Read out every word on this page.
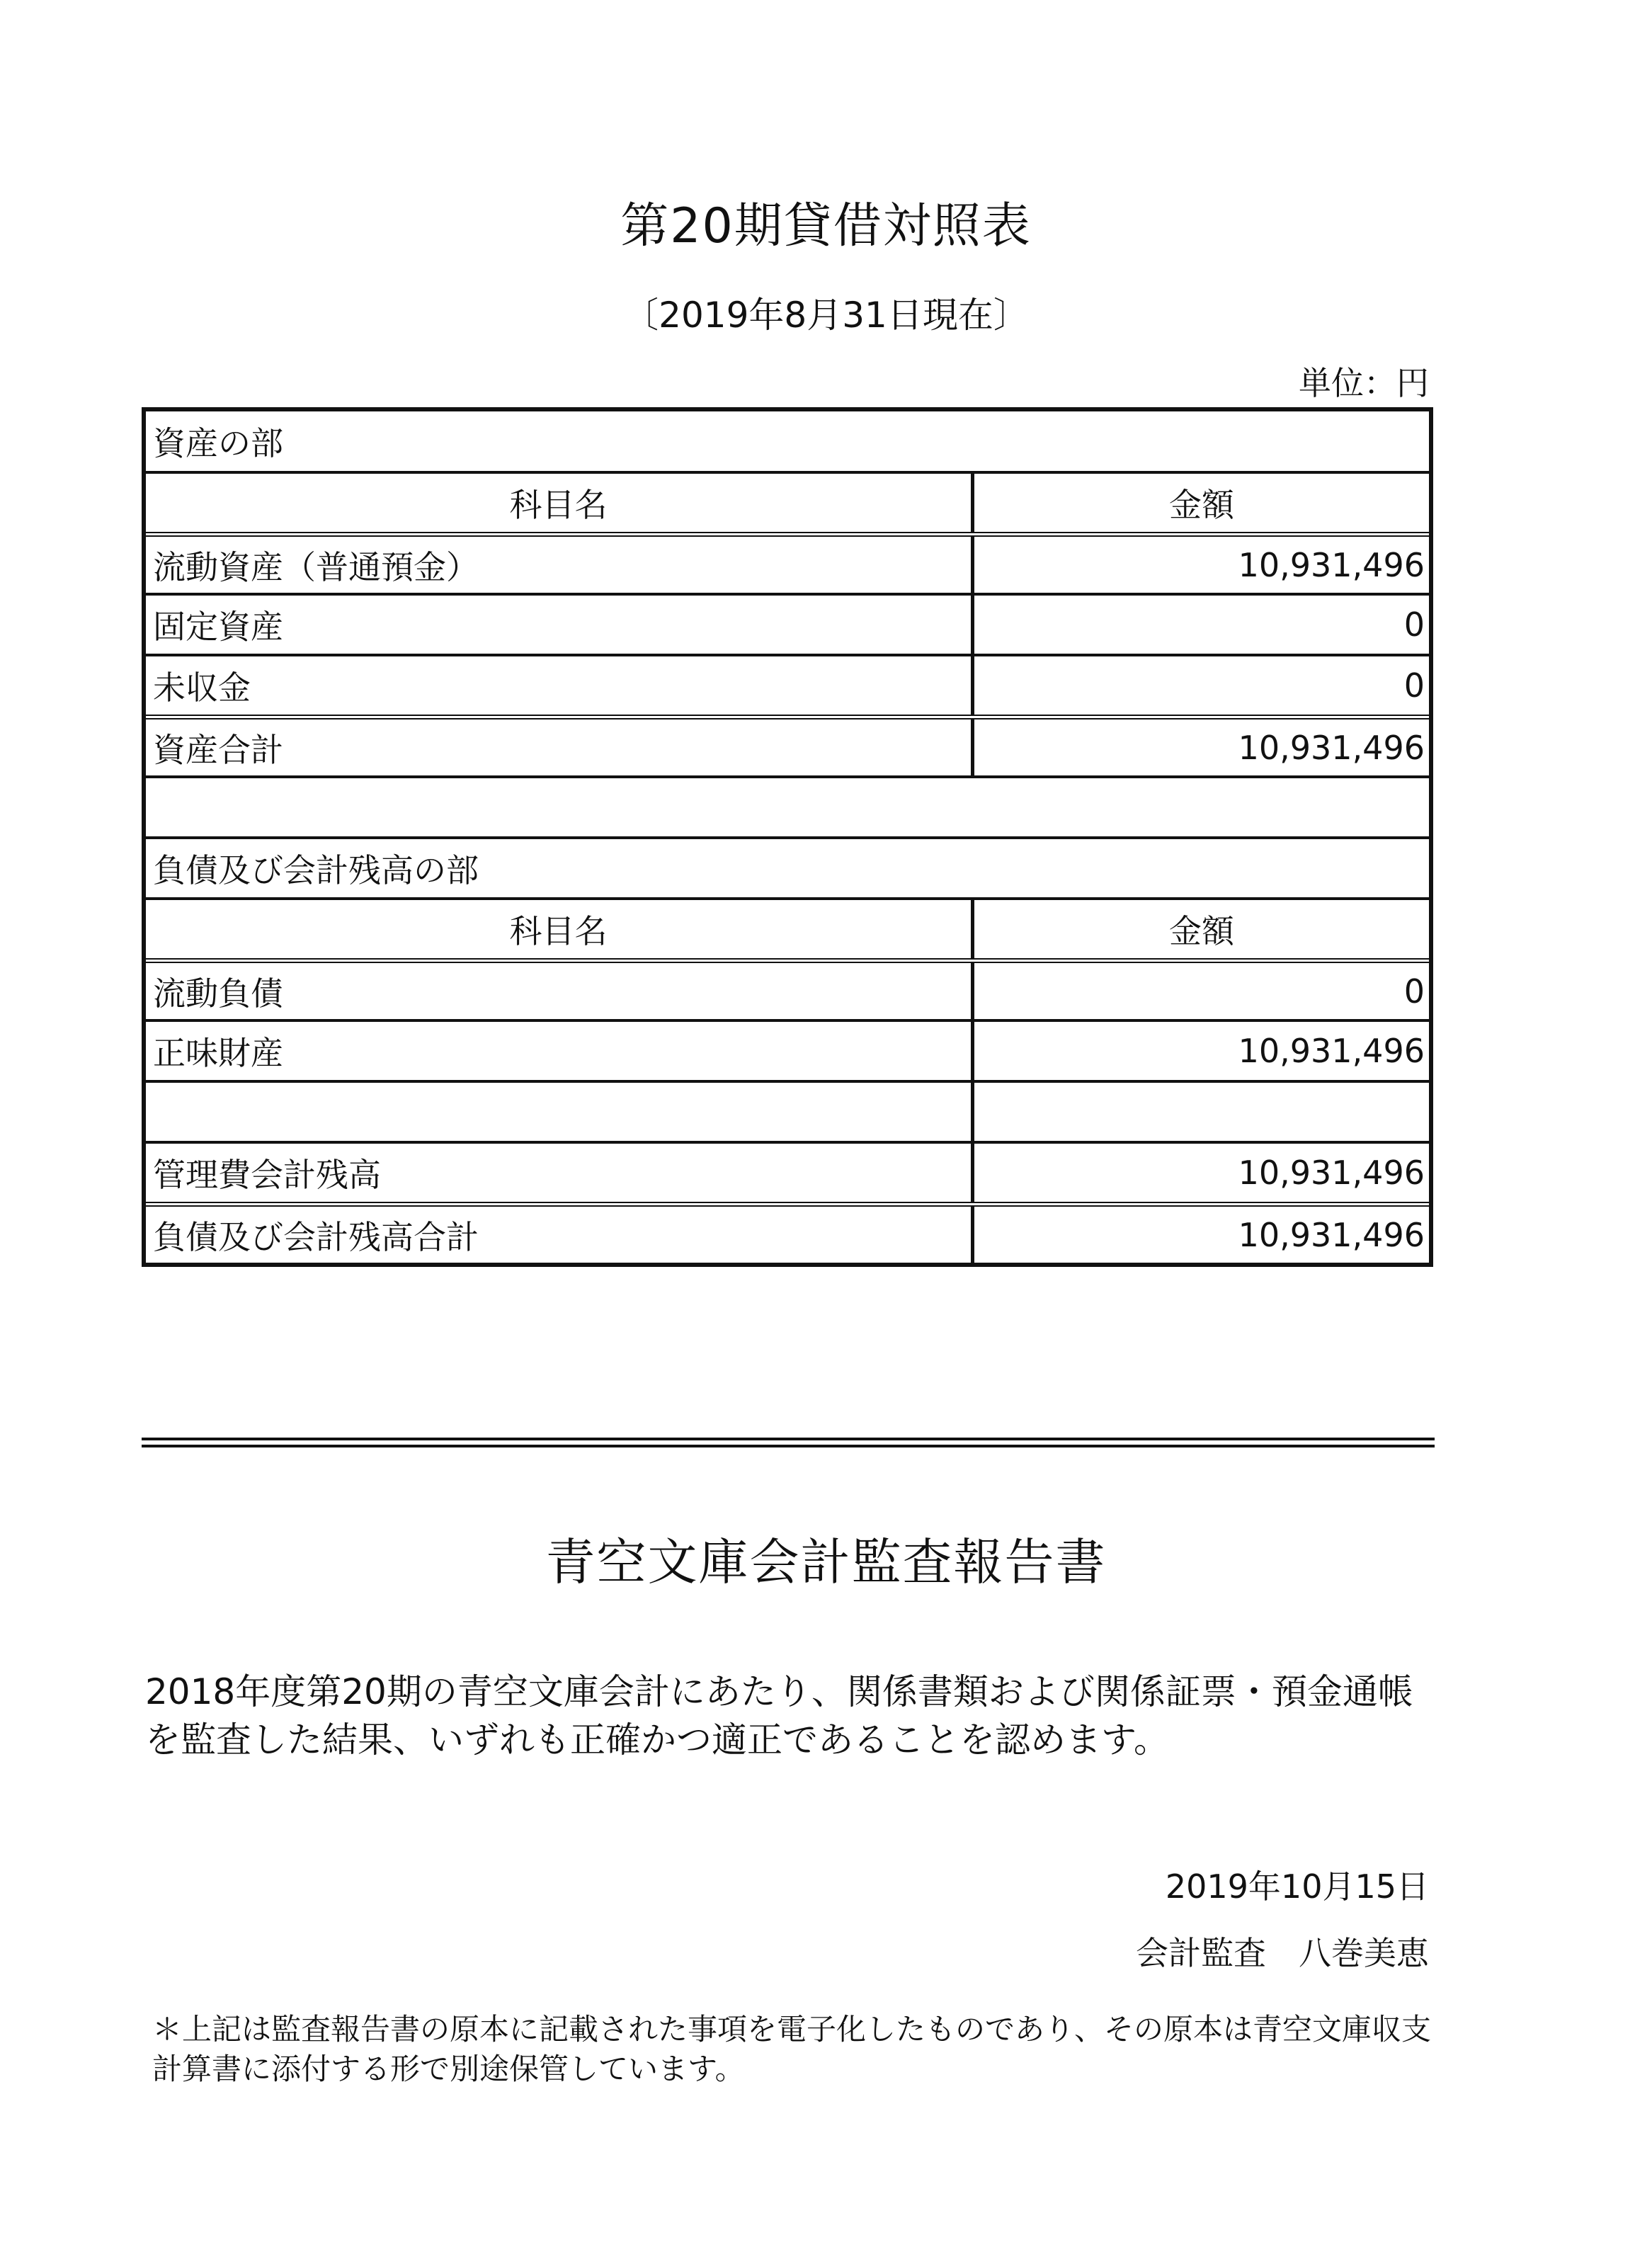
第20期貸借対照表
〔2019年8月31日現在〕
単位：円
資産の部
科目名	金額
流動資産（普通預金）	10,931,496
固定資産	0
未収金	0
資産合計	10,931,496
負債及び会計残高の部
科目名	金額
流動負債	0
正味財産	10,931,496
管理費会計残高	10,931,496
負債及び会計残高合計	10,931,496
青空文庫会計監査報告書
2018年度第20期の青空文庫会計にあたり、関係書類および関係証票・預金通帳を監査した結果、いずれも正確かつ適正であることを認めます。
2019年10月15日
会計監査　八巻美恵
＊上記は監査報告書の原本に記載された事項を電子化したものであり、その原本は青空文庫収支計算書に添付する形で別途保管しています。
